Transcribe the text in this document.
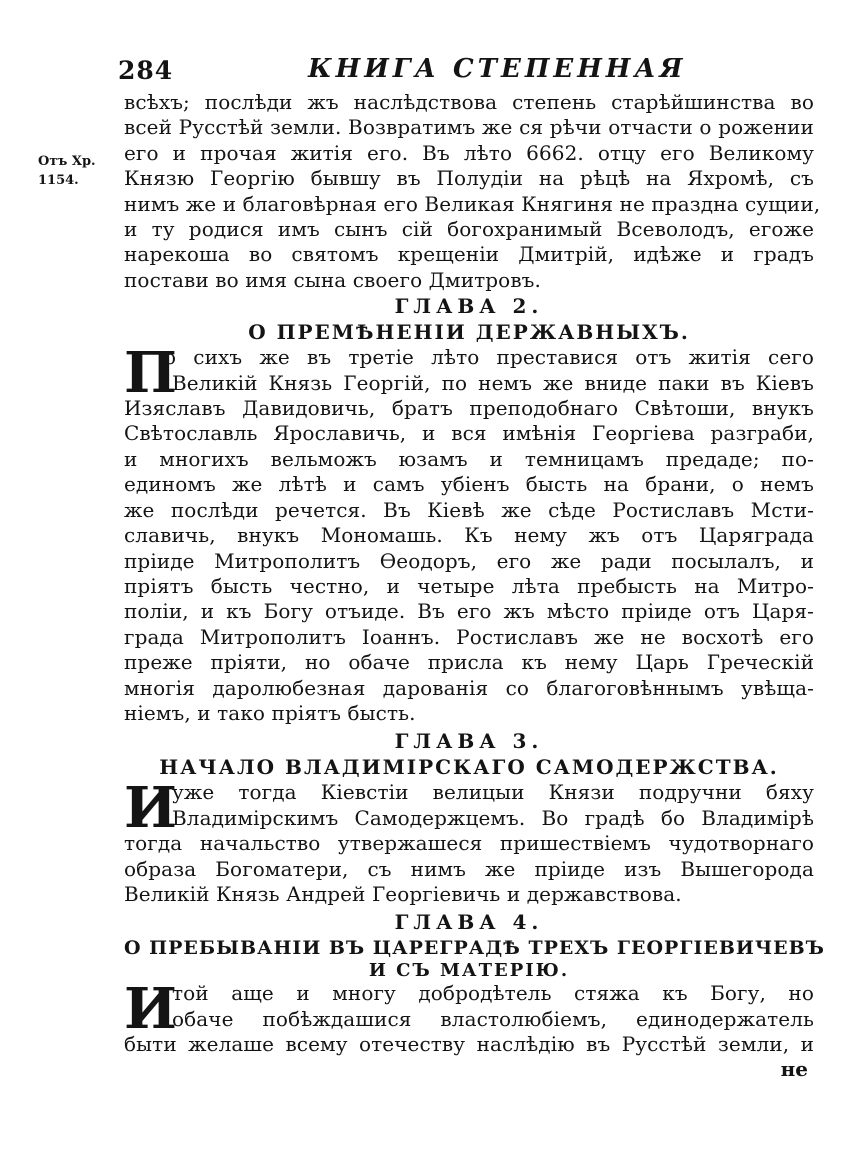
284	КНИГА СТЕПЕННАЯ
Отъ Хр.
1154.
всѣхъ; послѣди жъ наслѣдствова степень старѣйшинства во
всей Русстѣй земли. Возвратимъ же ся рѣчи отчасти о рожении
его и прочая житія его. Въ лѣто 6662. отцу его Великому
Князю Георгію бывшу въ Полудіи на рѣцѣ на Яхромѣ, съ
нимъ же и благовѣрная его Великая Княгиня не праздна сущии,
и ту родися имъ сынъ сій богохранимый Всеволодъ, егоже
нарекоша во святомъ крещеніи Дмитрій, идѣже и градъ
постави во имя сына своего Дмитровъ.
ГЛАВА 2.
О ПРЕМѢНЕНІИ ДЕРЖАВНЫХЪ.
П
о сихъ же въ третіе лѣто преставися отъ житія сего
Великій Князь Георгій, по немъ же вниде паки въ Кіевъ
Изяславъ Давидовичь, братъ преподобнаго Свѣтоши, внукъ
Свѣтославль Ярославичь, и вся имѣнія Георгіева разграби,
и многихъ вельможъ юзамъ и темницамъ предаде; по-
единомъ же лѣтѣ и самъ убіенъ бысть на брани, о немъ
же послѣди речется. Въ Кіевѣ же сѣде Ростиславъ Мсти-
славичь, внукъ Мономашь. Къ нему жъ отъ Царяграда
пріиде Митрополитъ Ѳеодоръ, его же ради посылалъ, и
пріятъ бысть честно, и четыре лѣта пребысть на Митро-
поліи, и къ Богу отъиде. Въ его жъ мѣсто пріиде отъ Царя-
града Митрополитъ Іоаннъ. Ростиславъ же не восхотѣ его
преже пріяти, но обаче присла къ нему Царь Греческій
многія даролюбезная дарованія со благоговѣннымъ увѣща-
ніемъ, и тако пріятъ бысть.
ГЛАВА 3.
НАЧАЛО ВЛАДИМІРСКАГО САМОДЕРЖСТВА.
И
уже тогда Кіевстіи велицыи Князи подручни бяху
Владимірскимъ Самодержцемъ. Во градѣ бо Владимірѣ
тогда начальство утвержашеся пришествіемъ чудотворнаго
образа Богоматери, съ нимъ же пріиде изъ Вышегорода
Великій Князь Андрей Георгіевичь и державствова.
ГЛАВА 4.
О ПРЕБЫВАНІИ ВЪ ЦАРЕГРАДѢ ТРЕХЪ ГЕОРГІЕВИЧЕВЪ
И СЪ МАТЕРІЮ.
И
той аще и многу добродѣтель стяжа къ Богу, но
обаче побѣждашися властолюбіемъ, единодержатель
быти желаше всему отечеству наслѣдію въ Русстѣй земли, и
не
